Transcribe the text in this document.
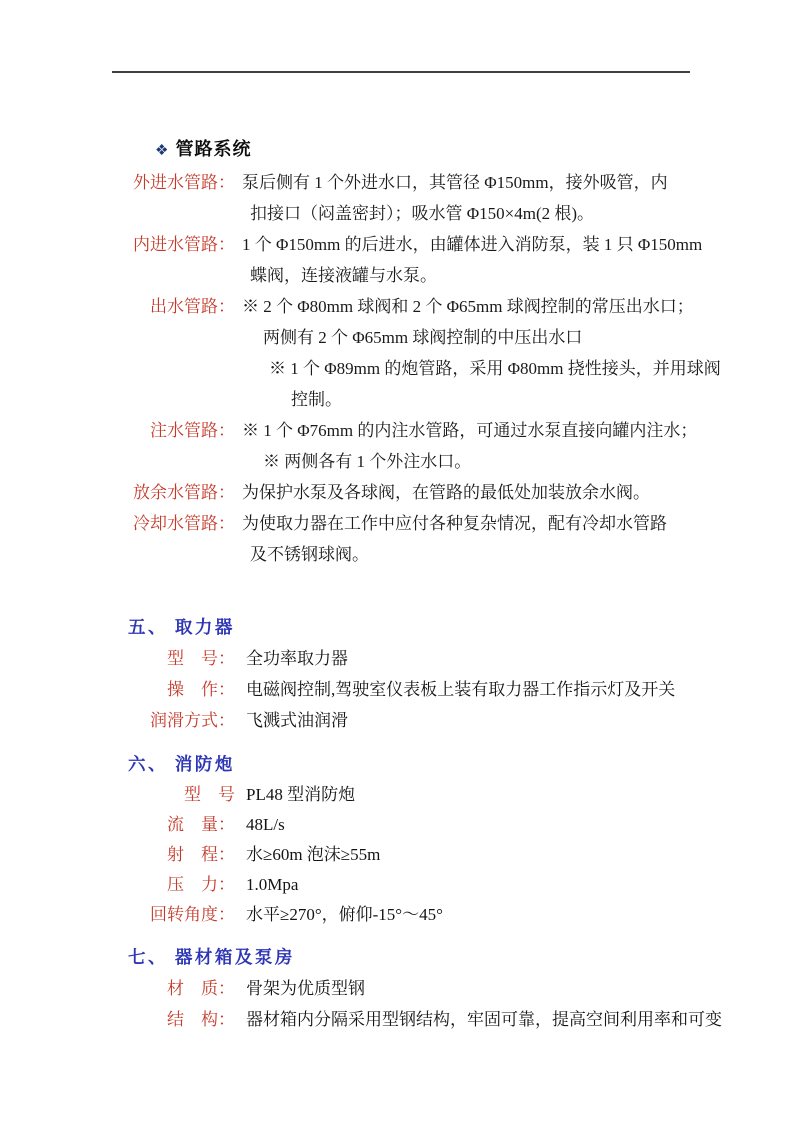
❖ 管路系统
外进水管路： 泵后侧有 1 个外进水口，其管径 Φ150mm，接外吸管，内
扣接口（闷盖密封）；吸水管 Φ150×4m(2 根)。
内进水管路： 1 个 Φ150mm 的后进水，由罐体进入消防泵，装 1 只 Φ150mm
蝶阀，连接液罐与水泵。
出水管路： ※ 2 个 Φ80mm 球阀和 2 个 Φ65mm 球阀控制的常压出水口；
两侧有 2 个 Φ65mm 球阀控制的中压出水口
※ 1 个 Φ89mm 的炮管路，采用 Φ80mm 挠性接头，并用球阀
控制。
注水管路： ※ 1 个 Φ76mm 的内注水管路，可通过水泵直接向罐内注水；
※ 两侧各有 1 个外注水口。
放余水管路： 为保护水泵及各球阀，在管路的最低处加装放余水阀。
冷却水管路： 为使取力器在工作中应付各种复杂情况，配有冷却水管路
及不锈钢球阀。
五、 取力器
型　号： 全功率取力器
操　作： 电磁阀控制,驾驶室仪表板上装有取力器工作指示灯及开关
润滑方式： 飞溅式油润滑
六、 消防炮
型　号 PL48 型消防炮
流　量： 48L/s
射　程： 水≥60m 泡沫≥55m
压　力： 1.0Mpa
回转角度： 水平≥270°，俯仰-15°～45°
七、 器材箱及泵房
材　质： 骨架为优质型钢
结　构： 器材箱内分隔采用型钢结构，牢固可靠，提高空间利用率和可变
